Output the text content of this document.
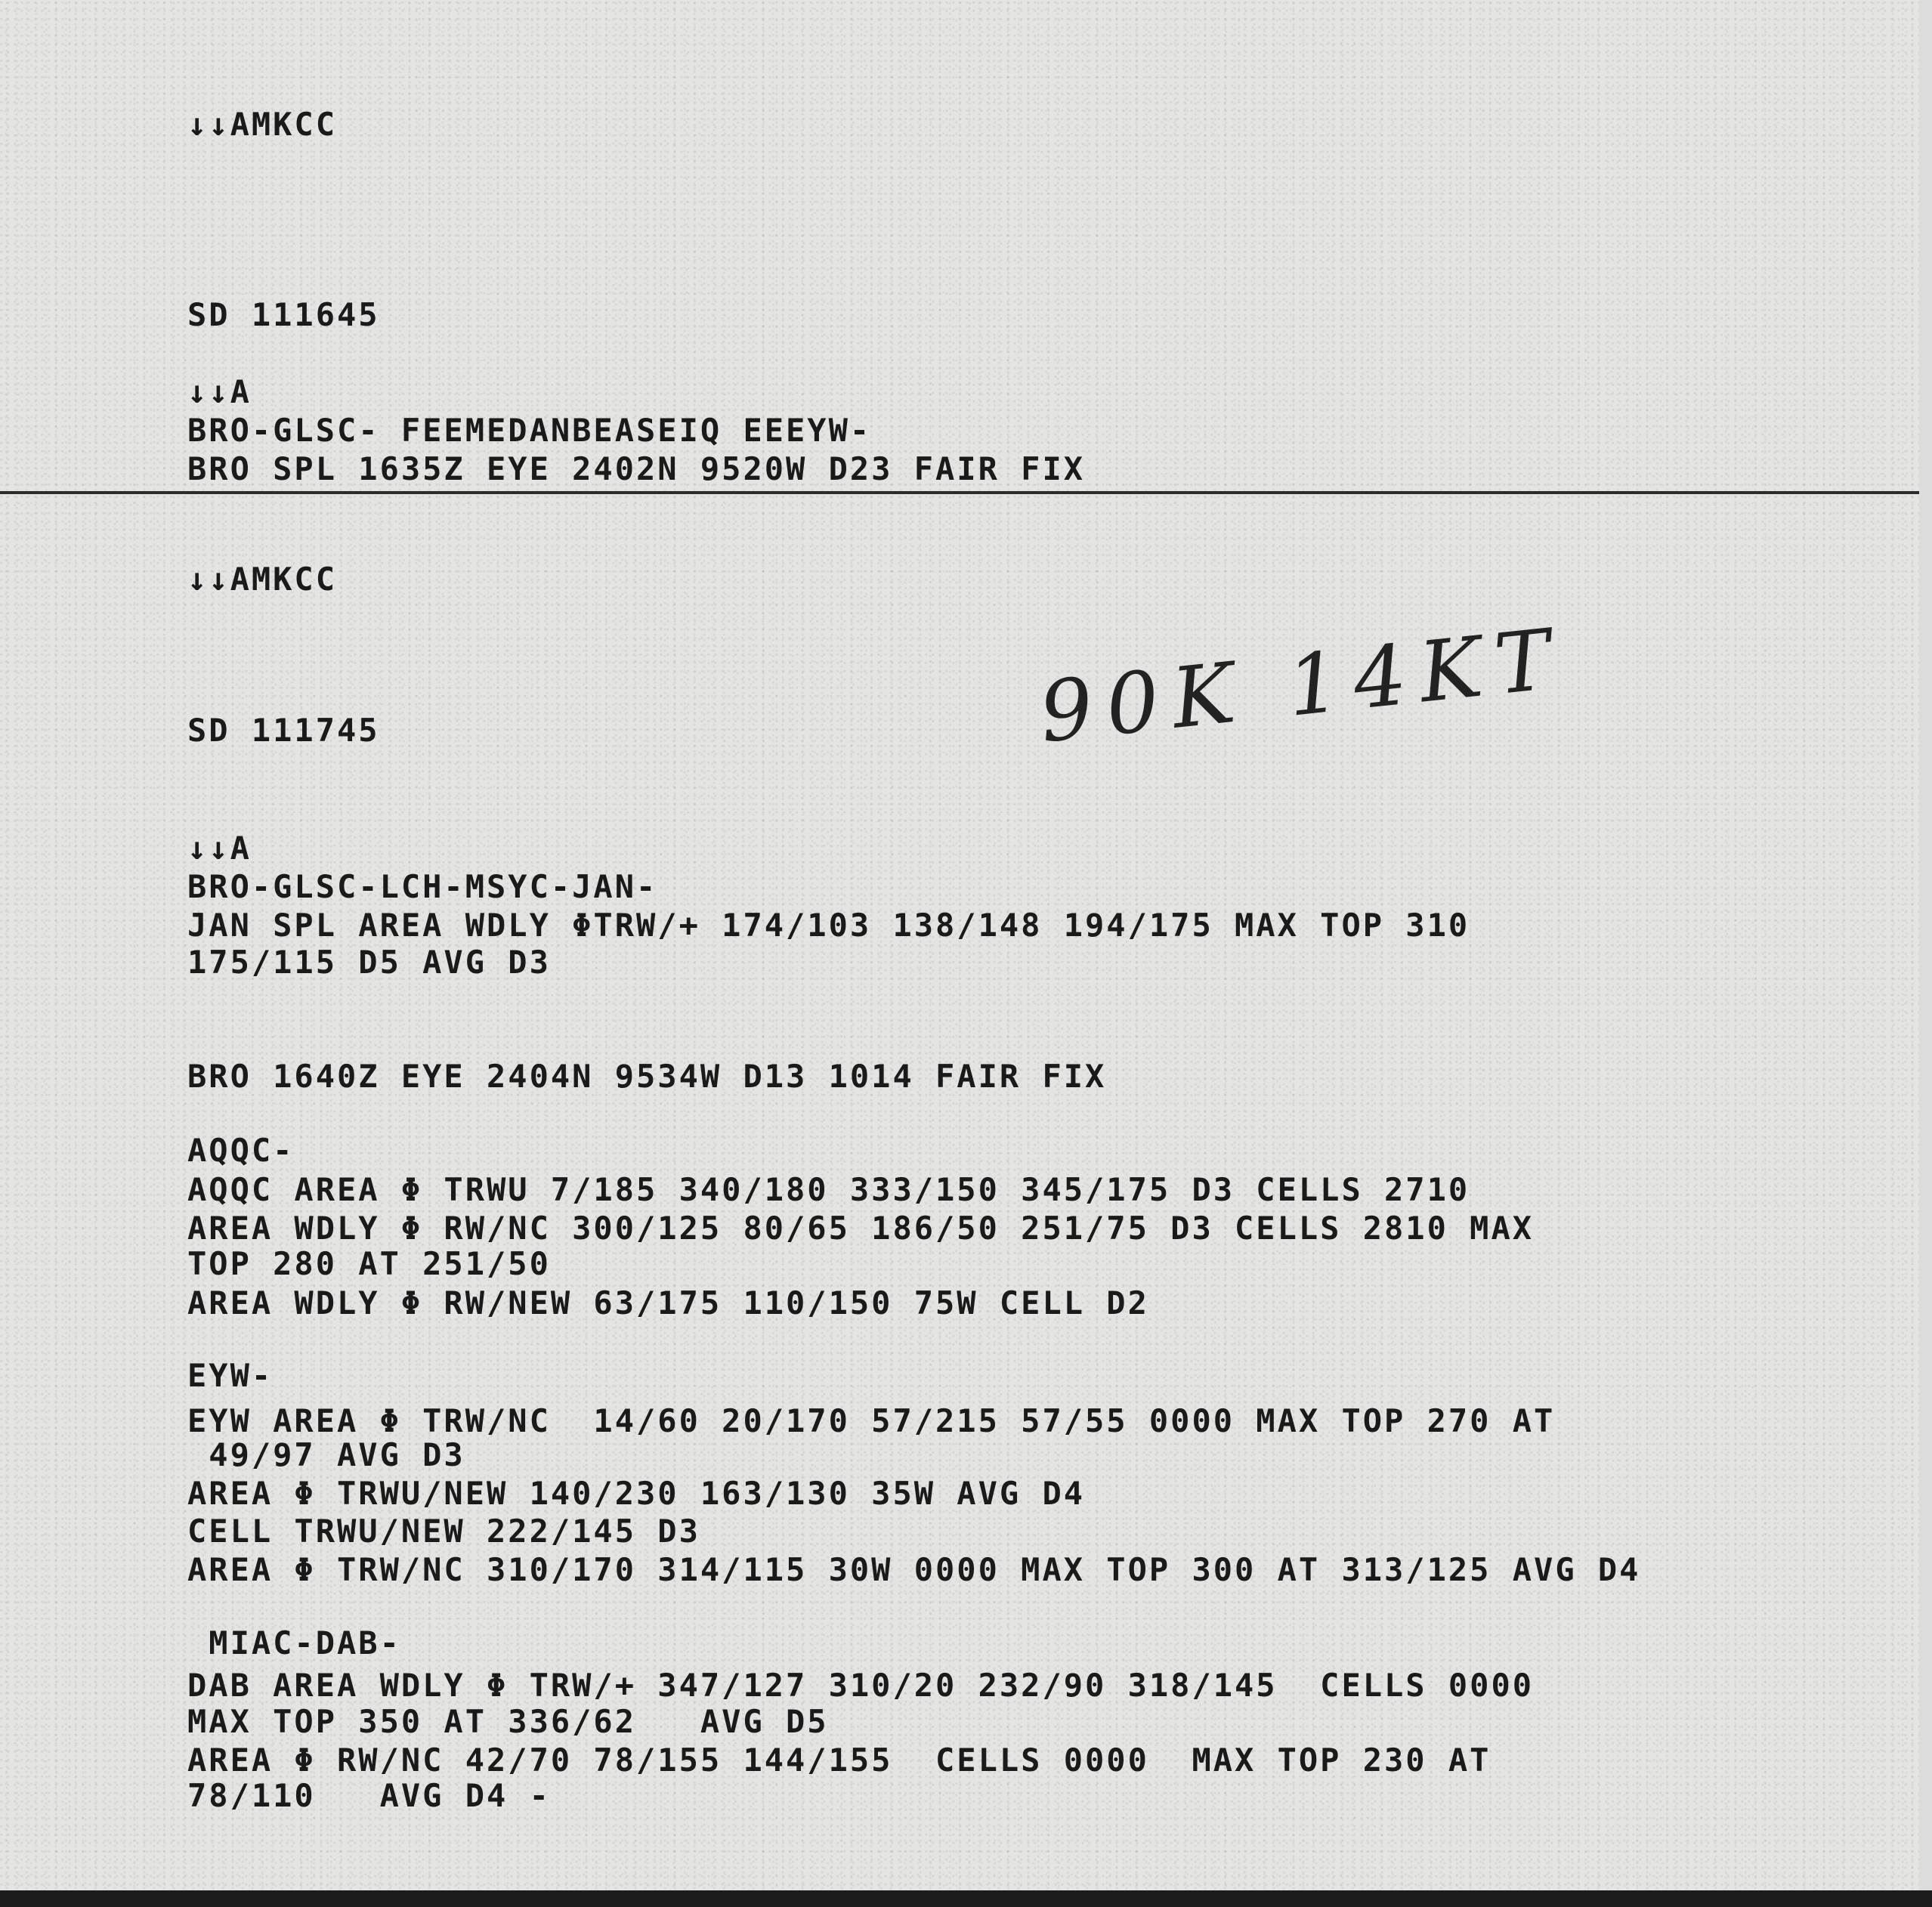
↓↓AMKCC

SD 111645

↓↓A

BRO-GLSC- FEEMEDANBEASEIQ EEEYW-

BRO SPL 1635Z EYE 2402N 9520W D23 FAIR FIX

↓↓AMKCC

SD 111745	90K 14KT

↓↓A

BRO-GLSC-LCH-MSYC-JAN-

JAN SPL AREA WDLY ΦTRW/+ 174/103 138/148 194/175 MAX TOP 310

175/115 D5 AVG D3

BRO 1640Z EYE 2404N 9534W D13 1014 FAIR FIX

AQQC-

AQQC AREA Φ TRWU 7/185 340/180 333/150 345/175 D3 CELLS 2710

AREA WDLY Φ RW/NC 300/125 80/65 186/50 251/75 D3 CELLS 2810 MAX

TOP 280 AT 251/50

AREA WDLY Φ RW/NEW 63/175 110/150 75W CELL D2

EYW-

EYW AREA Φ TRW/NC  14/60 20/170 57/215 57/55 0000 MAX TOP 270 AT

49/97 AVG D3

AREA Φ TRWU/NEW 140/230 163/130 35W AVG D4

CELL TRWU/NEW 222/145 D3

AREA Φ TRW/NC 310/170 314/115 30W 0000 MAX TOP 300 AT 313/125 AVG D4

MIAC-DAB-

DAB AREA WDLY Φ TRW/+ 347/127 310/20 232/90 318/145  CELLS 0000

MAX TOP 350 AT 336/62   AVG D5

AREA Φ RW/NC 42/70 78/155 144/155  CELLS 0000  MAX TOP 230 AT

78/110   AVG D4 -
